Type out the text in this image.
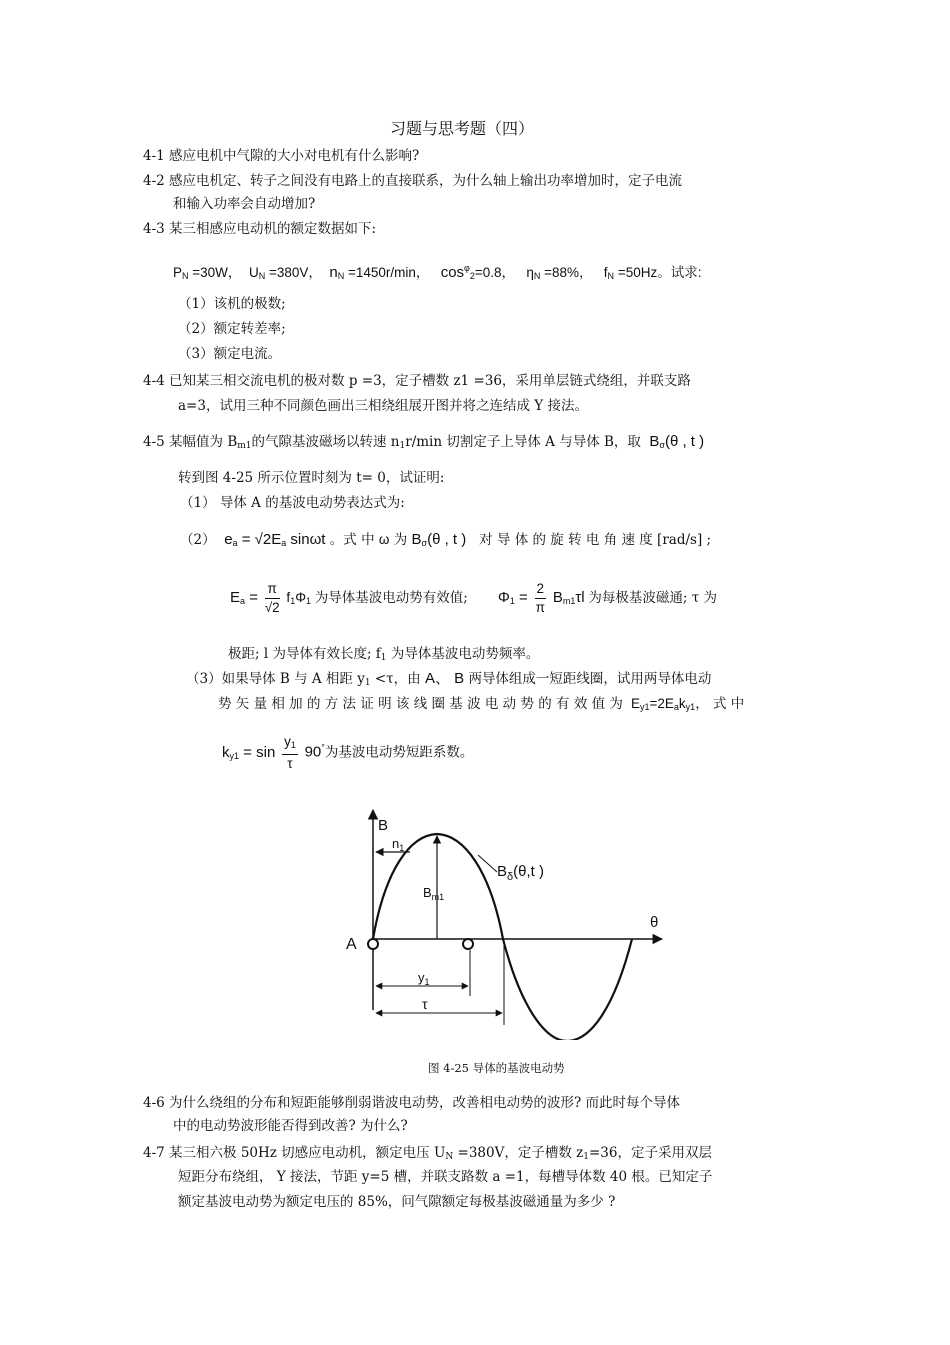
习题与思考题（四）
4-1 感应电机中气隙的大小对电机有什么影响?
4-2 感应电机定、转子之间没有电路上的直接联系，为什么轴上输出功率增加时，定子电流
和输入功率会自动增加?
4-3 某三相感应电动机的额定数据如下:
$P_N =30W$， $U_N =380V$， $n_N =1450r/\min$， $\cos^\varphi_2=0.8$， $\eta_N =88\%$， $f_N =50Hz$。试求:
（1）该机的极数;
（2）额定转差率;
（3）额定电流。
4-4 已知某三相交流电机的极对数 p =3，定子槽数 z1 =36，采用单层链式绕组，并联支路
a=3，试用三种不同颜色画出三相绕组展开图并将之连结成 Y 接法。
4-5 某幅值为 $B_{m1}$的气隙基波磁场以转速 $n_1r/\min$ 切割定子上导体 A 与导体 B，取  $B_\sigma(\theta$ , t )
转到图 4-25 所示位置时刻为 t= 0，试证明:
（1） 导体 A 的基波电动势表达式为:
（2） $e_a = √2E_a$ sinωt 。式 中 ω 为 $B_\sigma(\theta$ , t ) 对 导 体 的 旋 转 电 角 速 度 [rad/s] ;
$E_a = \frac{\pi}{√2} f_1\Phi_1$ 为导体基波电动势有效值; $\Phi_1 = \frac{2}{\pi} B_{m1}\tau l$ 为每极基波磁通; τ 为
极距; l 为导体有效长度; $f_1$ 为导体基波电动势频率。
（3）如果导体 B 与 A 相距 $y_1 <\tau$，由 A、 B 两导体组成一短距线圈，试用两导体电动
势 矢 量 相 加 的 方 法 证 明 该 线 圈 基 波 电 动 势 的 有 效 值 为  $E_{y1}=2E_ak_{y1}$， 式 中
$k_{y1} = \sin \frac{y_1}{\tau} 90^\circ$为基波电动势短距系数。
B
$n_1$
$B_\delta(\theta,t$ )
$B_{m1}$
θ
A
$y_1$
τ
图 4-25 导体的基波电动势
4-6 为什么绕组的分布和短距能够削弱谐波电动势，改善相电动势的波形? 而此时每个导体
中的电动势波形能否得到改善? 为什么?
4-7 某三相六极 50Hz 切感应电动机，额定电压 $U_N =380V$，定子槽数 $z_1=36$，定子采用双层
短距分布绕组， Y 接法，节距 y=5 槽，并联支路数 a =1，每槽导体数 40 根。已知定子
额定基波电动势为额定电压的 85%，问气隙额定每极基波磁通量为多少 ?
